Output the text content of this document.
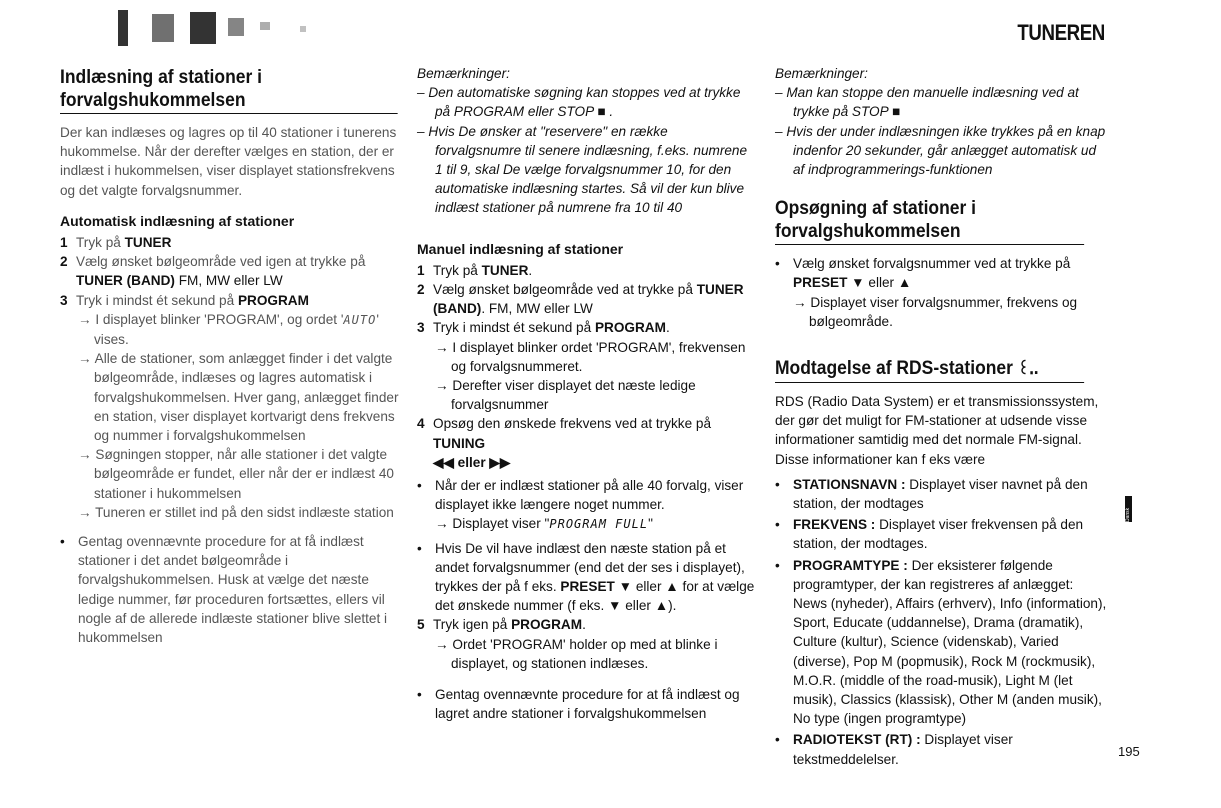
TUNEREN
Indlæsning af stationer i forvalgshukommelsen

Der kan indlæses og lagres op til 40 stationer i tunerens hukommelse. Når der derefter vælges en station, der er indlæst i hukommelsen, viser displayet stationsfrekvens og det valgte forvalgsnummer.

Automatisk indlæsning af stationer
1 Tryk på TUNER
2 Vælg ønsket bølgeområde ved igen at trykke på
TUNER (BAND) FM, MW eller LW
3 Tryk i mindst ét sekund på PROGRAM
→ I displayet blinker 'PROGRAM', og ordet 'AUTO' vises.
→ Alle de stationer, som anlægget finder i det valgte bølgeområde, indlæses og lagres automatisk i forvalgshukommelsen. Hver gang, anlægget finder en station, viser displayet kortvarigt dens frekvens og nummer i forvalgshukommelsen
→ Søgningen stopper, når alle stationer i det valgte bølgeområde er fundet, eller når der er indlæst 40 stationer i hukommelsen
→ Tuneren er stillet ind på den sidst indlæste station
• Gentag ovennævnte procedure for at få indlæst stationer i det andet bølgeområde i forvalgshukommelsen. Husk at vælge det næste ledige nummer, før proceduren fortsættes, ellers vil nogle af de allerede indlæste stationer blive slettet i hukommelsen
Bemærkninger:
– Den automatiske søgning kan stoppes ved at trykke på PROGRAM eller STOP ■ .
– Hvis De ønsker at "reservere" en række forvalgsnumre til senere indlæsning, f.eks. numrene 1 til 9, skal De vælge forvalgsnummer 10, for den automatiske indlæsning startes. Så vil der kun blive indlæst stationer på numrene fra 10 til 40
Manuel indlæsning af stationer
1 Tryk på TUNER.
2 Vælg ønsket bølgeområde ved at trykke på TUNER (BAND). FM, MW eller LW
3 Tryk i mindst ét sekund på PROGRAM.
→ I displayet blinker ordet 'PROGRAM', frekvensen og forvalgsnummeret.
→ Derefter viser displayet det næste ledige forvalgsnummer
4 Opsøg den ønskede frekvens ved at trykke på TUNING
◀◀ eller ▶▶
• Når der er indlæst stationer på alle 40 forvalg, viser displayet ikke længere noget nummer.
→ Displayet viser "PROGRAM FULL"
• Hvis De vil have indlæst den næste station på et andet forvalgsnummer (end det der ses i displayet), trykkes der på f eks. PRESET ▼ eller ▲ for at vælge det ønskede nummer (f eks. ▼ eller ▲).
5 Tryk igen på PROGRAM.
→ Ordet 'PROGRAM' holder op med at blinke i displayet, og stationen indlæses.
• Gentag ovennævnte procedure for at få indlæst og lagret andre stationer i forvalgshukommelsen
Bemærkninger:
– Man kan stoppe den manuelle indlæsning ved at trykke på STOP ■
– Hvis der under indlæsningen ikke trykkes på en knap indenfor 20 sekunder, går anlægget automatisk ud af indprogrammerings-funktionen
Opsøgning af stationer i forvalgshukommelsen
• Vælg ønsket forvalgsnummer ved at trykke på
PRESET ▼ eller ▲
→ Displayet viser forvalgsnummer, frekvens og bølgeområde.
Modtagelse af RDS-stationer ꒰ꓸ.

RDS (Radio Data System) er et transmissionssystem, der gør det muligt for FM-stationer at udsende visse informationer samtidig med det normale FM-signal. Disse informationer kan f eks være

• STATIONSNAVN : Displayet viser navnet på den station, der modtages
• FREKVENS : Displayet viser frekvensen på den station, der modtages.
• PROGRAMTYPE : Der eksisterer følgende programtyper, der kan registreres af anlægget: News (nyheder), Affairs (erhverv), Info (information), Sport, Educate (uddannelse), Drama (dramatik), Culture (kultur), Science (videnskab), Varied (diverse), Pop M (popmusik), Rock M (rockmusik), M.O.R. (middle of the road-musik), Light M (let musik), Classics (klassisk), Other M (anden musik), No type (ingen programtype)
• RADIOTEKST (RT) : Displayet viser tekstmeddelelser.
195
Dansk
